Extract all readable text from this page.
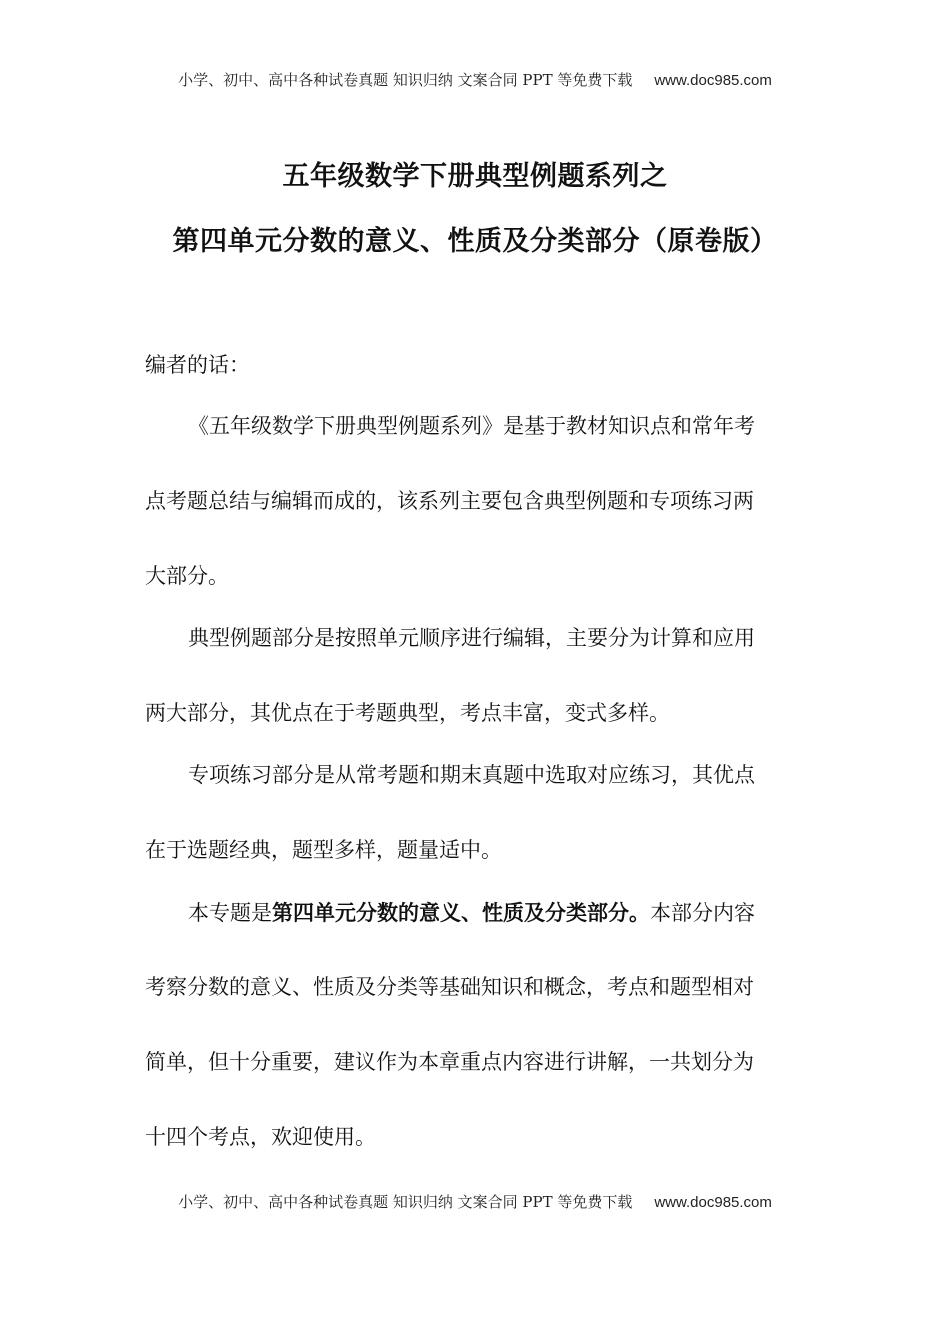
小学、初中、高中各种试卷真题 知识归纳 文案合同 PPT 等免费下载 www.doc985.com
五年级数学下册典型例题系列之
第四单元分数的意义、性质及分类部分（原卷版）
编者的话：
《五年级数学下册典型例题系列》是基于教材知识点和常年考
点考题总结与编辑而成的，该系列主要包含典型例题和专项练习两
大部分。
典型例题部分是按照单元顺序进行编辑，主要分为计算和应用
两大部分，其优点在于考题典型，考点丰富，变式多样。
专项练习部分是从常考题和期末真题中选取对应练习，其优点
在于选题经典，题型多样，题量适中。
本专题是第四单元分数的意义、性质及分类部分。本部分内容
考察分数的意义、性质及分类等基础知识和概念，考点和题型相对
简单，但十分重要，建议作为本章重点内容进行讲解，一共划分为
十四个考点，欢迎使用。
小学、初中、高中各种试卷真题 知识归纳 文案合同 PPT 等免费下载 www.doc985.com
